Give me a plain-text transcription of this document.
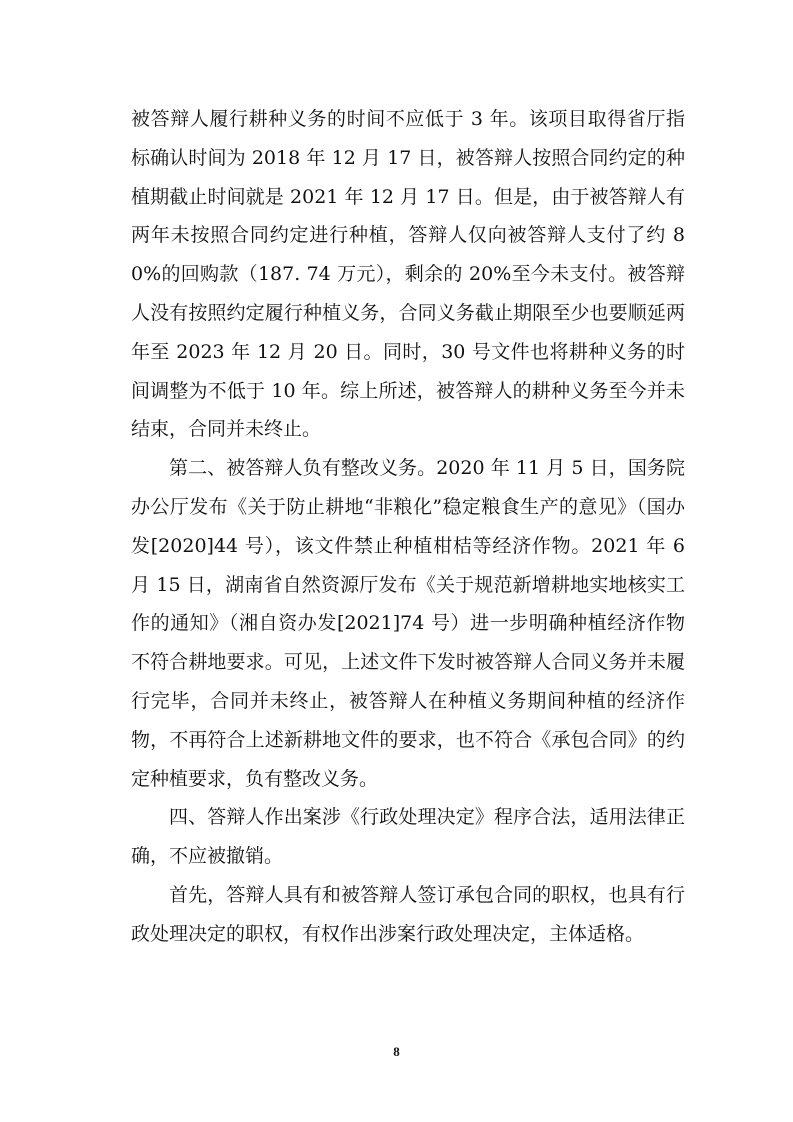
被答辩人履行耕种义务的时间不应低于 3 年。该项目取得省厅指标确认时间为 2018 年 12 月 17 日，被答辩人按照合同约定的种植期截止时间就是 2021 年 12 月 17 日。但是，由于被答辩人有两年未按照合同约定进行种植，答辩人仅向被答辩人支付了约 80%的回购款（187. 74 万元），剩余的 20%至今未支付。被答辩人没有按照约定履行种植义务，合同义务截止期限至少也要顺延两年至 2023 年 12 月 20 日。同时，30 号文件也将耕种义务的时间调整为不低于 10 年。综上所述，被答辩人的耕种义务至今并未结束，合同并未终止。

第二、被答辩人负有整改义务。2020 年 11 月 5 日，国务院办公厅发布《关于防止耕地“非粮化”稳定粮食生产的意见》（国办发[2020]44 号），该文件禁止种植柑桔等经济作物。2021 年 6 月 15 日，湖南省自然资源厅发布《关于规范新增耕地实地核实工作的通知》（湘自资办发[2021]74 号）进一步明确种植经济作物不符合耕地要求。可见，上述文件下发时被答辩人合同义务并未履行完毕，合同并未终止，被答辩人在种植义务期间种植的经济作物，不再符合上述新耕地文件的要求，也不符合《承包合同》的约定种植要求，负有整改义务。

四、答辩人作出案涉《行政处理决定》程序合法，适用法律正确，不应被撤销。

首先，答辩人具有和被答辩人签订承包合同的职权，也具有行政处理决定的职权，有权作出涉案行政处理决定，主体适格。

8
